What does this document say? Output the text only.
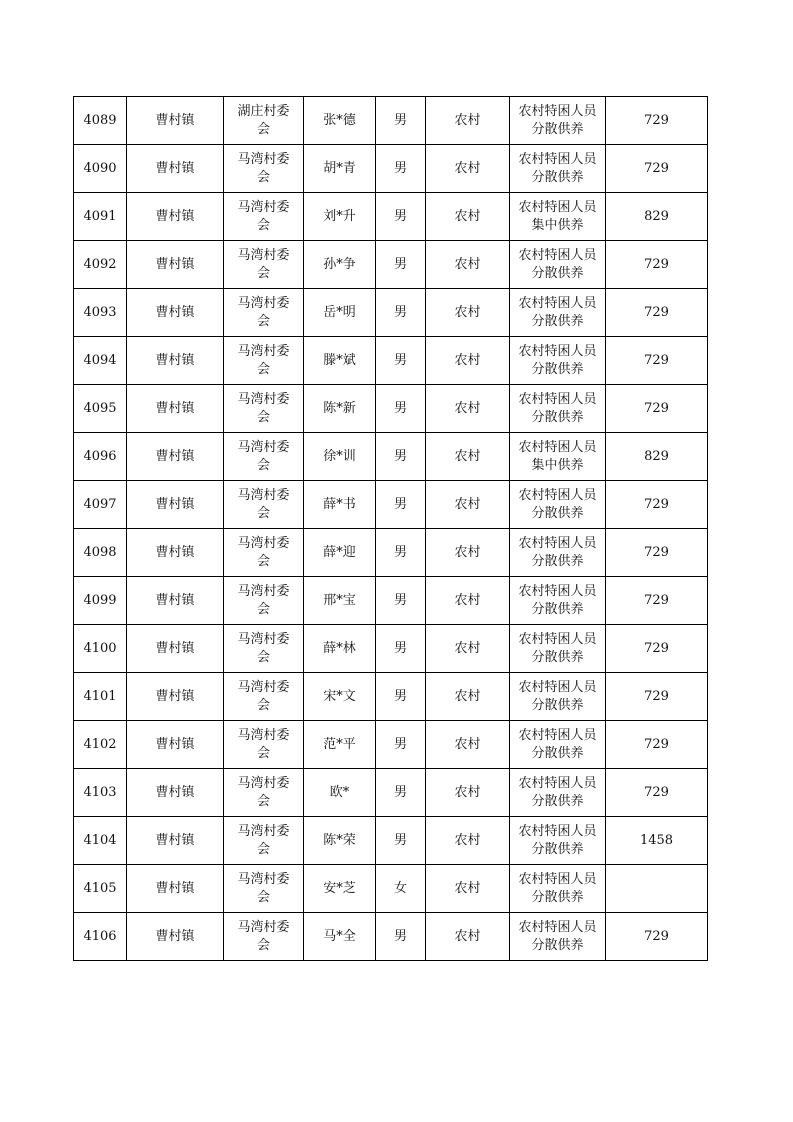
4089	曹村镇	湖庄村委会	张*德	男	农村	农村特困人员分散供养	729
4090	曹村镇	马湾村委会	胡*青	男	农村	农村特困人员分散供养	729
4091	曹村镇	马湾村委会	刘*升	男	农村	农村特困人员集中供养	829
4092	曹村镇	马湾村委会	孙*争	男	农村	农村特困人员分散供养	729
4093	曹村镇	马湾村委会	岳*明	男	农村	农村特困人员分散供养	729
4094	曹村镇	马湾村委会	滕*斌	男	农村	农村特困人员分散供养	729
4095	曹村镇	马湾村委会	陈*新	男	农村	农村特困人员分散供养	729
4096	曹村镇	马湾村委会	徐*训	男	农村	农村特困人员集中供养	829
4097	曹村镇	马湾村委会	薛*书	男	农村	农村特困人员分散供养	729
4098	曹村镇	马湾村委会	薛*迎	男	农村	农村特困人员分散供养	729
4099	曹村镇	马湾村委会	邢*宝	男	农村	农村特困人员分散供养	729
4100	曹村镇	马湾村委会	薛*林	男	农村	农村特困人员分散供养	729
4101	曹村镇	马湾村委会	宋*文	男	农村	农村特困人员分散供养	729
4102	曹村镇	马湾村委会	范*平	男	农村	农村特困人员分散供养	729
4103	曹村镇	马湾村委会	欧*	男	农村	农村特困人员分散供养	729
4104	曹村镇	马湾村委会	陈*荣	男	农村	农村特困人员分散供养	1458
4105	曹村镇	马湾村委会	安*芝	女	农村	农村特困人员分散供养	
4106	曹村镇	马湾村委会	马*全	男	农村	农村特困人员分散供养	729
